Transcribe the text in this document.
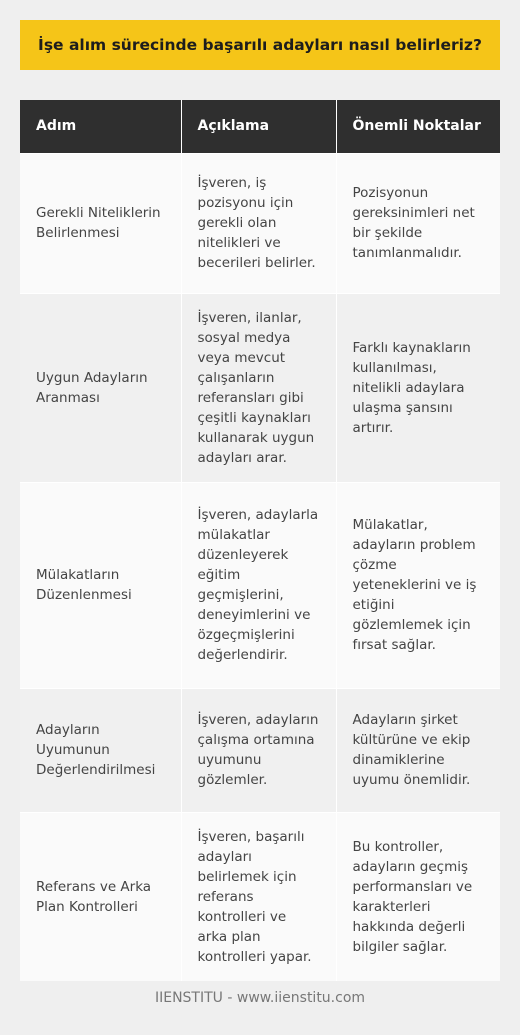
İşe alım sürecinde başarılı adayları nasıl belirleriz?
Adım	Açıklama	Önemli Noktalar
Gerekli Niteliklerin Belirlenmesi	İşveren, iş pozisyonu için gerekli olan nitelikleri ve becerileri belirler.	Pozisyonun gereksinimleri net bir şekilde tanımlanmalıdır.
Uygun Adayların Aranması	İşveren, ilanlar, sosyal medya veya mevcut çalışanların referansları gibi çeşitli kaynakları kullanarak uygun adayları arar.	Farklı kaynakların kullanılması, nitelikli adaylara ulaşma şansını artırır.
Mülakatların Düzenlenmesi	İşveren, adaylarla mülakatlar düzenleyerek eğitim geçmişlerini, deneyimlerini ve özgeçmişlerini değerlendirir.	Mülakatlar, adayların problem çözme yeteneklerini ve iş etiğini gözlemlemek için fırsat sağlar.
Adayların Uyumunun Değerlendirilmesi	İşveren, adayların çalışma ortamına uyumunu gözlemler.	Adayların şirket kültürüne ve ekip dinamiklerine uyumu önemlidir.
Referans ve Arka Plan Kontrolleri	İşveren, başarılı adayları belirlemek için referans kontrolleri ve arka plan kontrolleri yapar.	Bu kontroller, adayların geçmiş performansları ve karakterleri hakkında değerli bilgiler sağlar.
IIENSTITU - www.iienstitu.com
